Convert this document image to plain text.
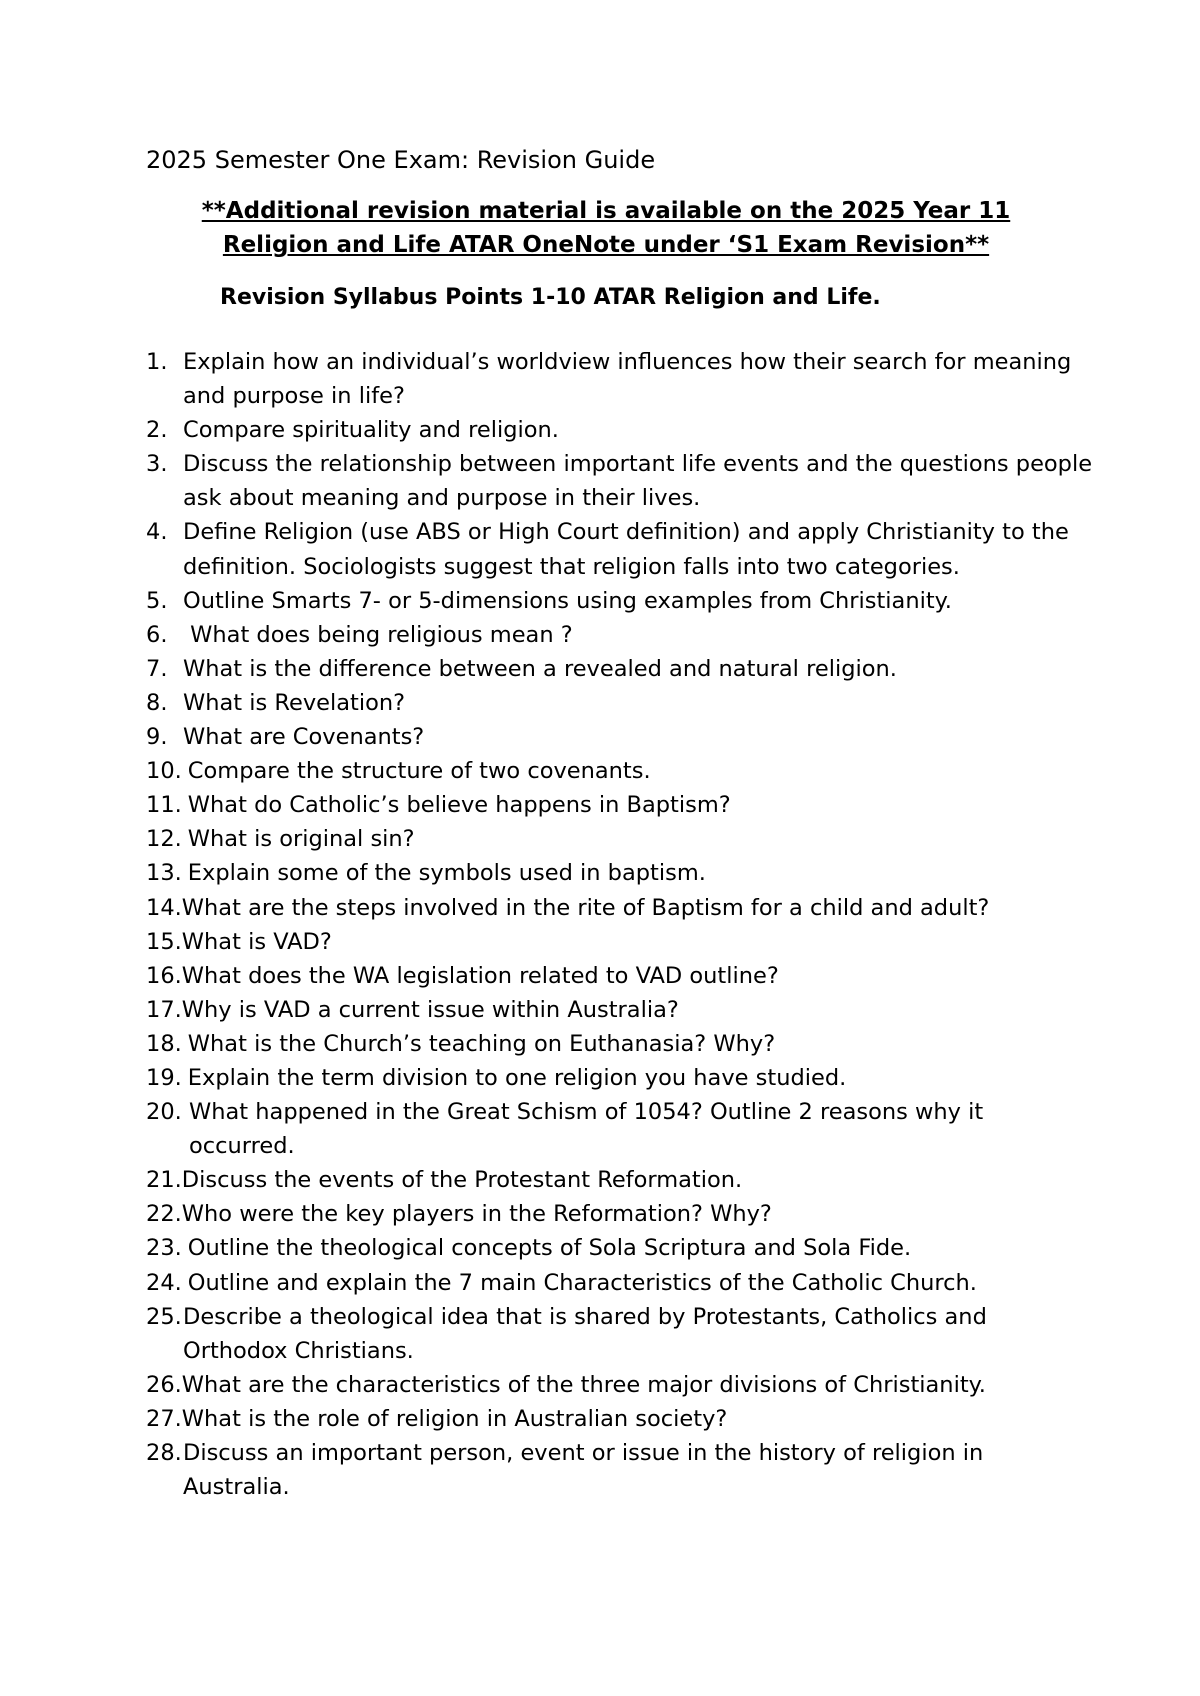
2025 Semester One Exam: Revision Guide
**Additional revision material is available on the 2025 Year 11
Religion and Life ATAR OneNote under ‘S1 Exam Revision**
Revision Syllabus Points 1-10 ATAR Religion and Life.
1. Explain how an individual’s worldview influences how their search for meaning and purpose in life?
2. Compare spirituality and religion.
3. Discuss the relationship between important life events and the questions people ask about meaning and purpose in their lives.
4. Define Religion (use ABS or High Court definition) and apply Christianity to the definition. Sociologists suggest that religion falls into two categories.
5. Outline Smarts 7- or 5-dimensions using examples from Christianity.
6. What does being religious mean ?
7. What is the difference between a revealed and natural religion.
8. What is Revelation?
9. What are Covenants?
10. Compare the structure of two covenants.
11. What do Catholic’s believe happens in Baptism?
12. What is original sin?
13. Explain some of the symbols used in baptism.
14. What are the steps involved in the rite of Baptism for a child and adult?
15. What is VAD?
16. What does the WA legislation related to VAD outline?
17. Why is VAD a current issue within Australia?
18. What is the Church’s teaching on Euthanasia? Why?
19. Explain the term division to one religion you have studied.
20. What happened in the Great Schism of 1054? Outline 2 reasons why it
occurred.
21. Discuss the events of the Protestant Reformation.
22. Who were the key players in the Reformation? Why?
23. Outline the theological concepts of Sola Scriptura and Sola Fide.
24. Outline and explain the 7 main Characteristics of the Catholic Church.
25. Describe a theological idea that is shared by Protestants, Catholics and
Orthodox Christians.
26. What are the characteristics of the three major divisions of Christianity.
27. What is the role of religion in Australian society?
28. Discuss an important person, event or issue in the history of religion in
Australia.
